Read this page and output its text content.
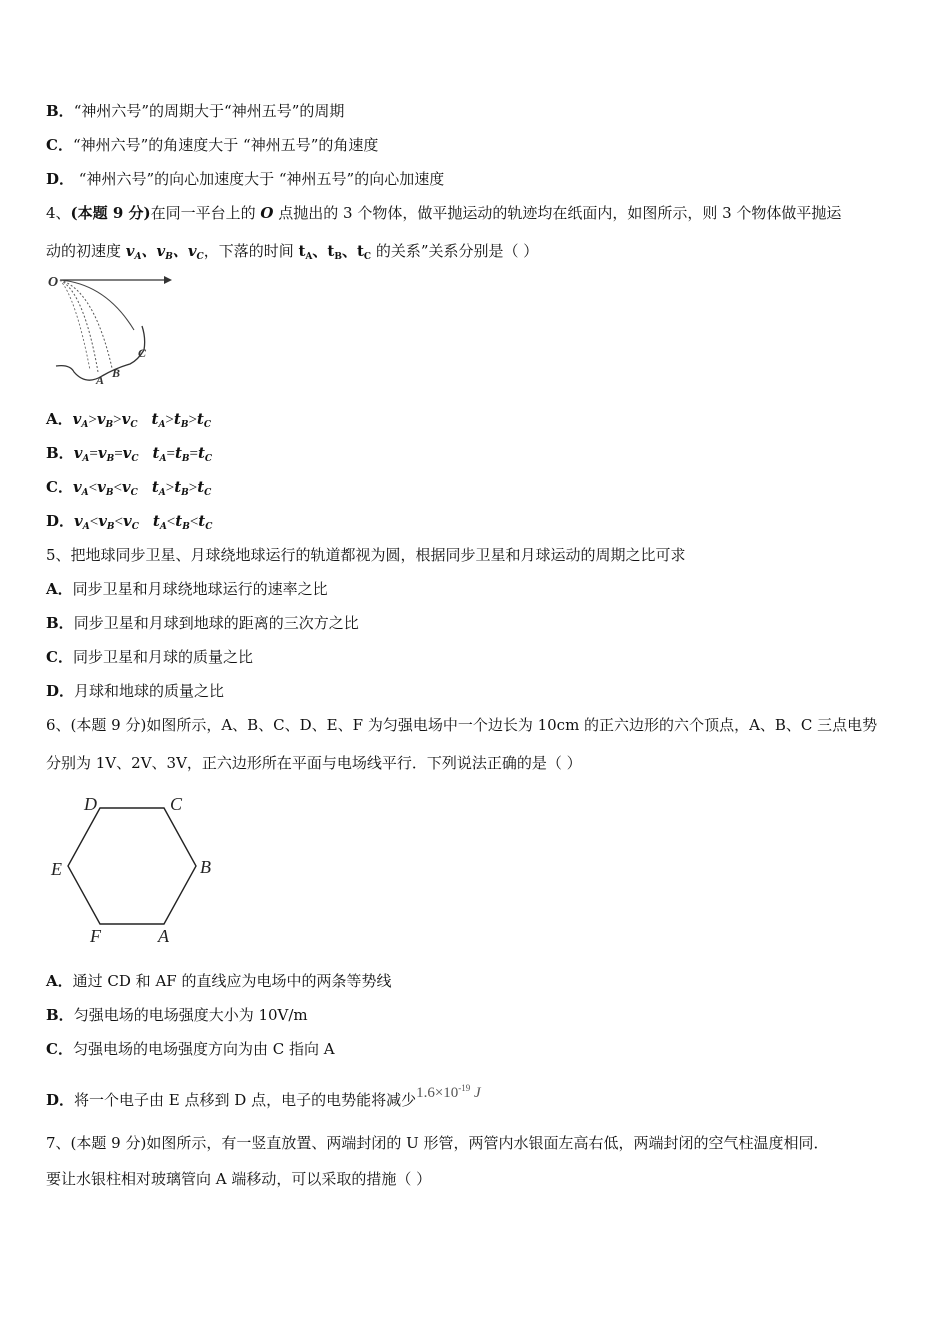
B．“神州六号”的周期大于“神州五号”的周期
C．“神州六号”的角速度大于 “神州五号”的角速度
D． “神州六号”的向心加速度大于 “神州五号”的向心加速度
4、(本题 9 分)在同一平台上的 O 点抛出的 3 个物体，做平抛运动的轨迹均在纸面内，如图所示，则 3 个物体做平抛运
动的初速度 $v_A$、$v_B$、$v_C$，下落的时间 $t_A$、$t_B$、$t_C$ 的关系”关系分别是（ ）
O
A B
C
A．$v_A>v_B>v_C$ $t_A>t_B>t_C$
B．$v_A=v_B=v_C$ $t_A=t_B=t_C$
C．$v_A<v_B<v_C$ $t_A>t_B>t_C$
D．$v_A<v_B<v_C$ $t_A<t_B<t_C$
5、把地球同步卫星、月球绕地球运行的轨道都视为圆，根据同步卫星和月球运动的周期之比可求
A．同步卫星和月球绕地球运行的速率之比
B．同步卫星和月球到地球的距离的三次方之比
C．同步卫星和月球的质量之比
D．月球和地球的质量之比
6、(本题 9 分)如图所示，A、B、C、D、E、F 为匀强电场中一个边长为 10cm 的正六边形的六个顶点，A、B、C 三点电势
分别为 1V、2V、3V，正六边形所在平面与电场线平行．下列说法正确的是（ ）
D	C
B
E
F	A
A．通过 CD 和 AF 的直线应为电场中的两条等势线
B．匀强电场的电场强度大小为 10V/m
C．匀强电场的电场强度方向为由 C 指向 A
D．将一个电子由 E 点移到 D 点，电子的电势能将减少$1.6\times 10^{-19}$ J
7、(本题 9 分)如图所示，有一竖直放置、两端封闭的 U 形管，两管内水银面左高右低，两端封闭的空气柱温度相同．
要让水银柱相对玻璃管向 A 端移动，可以采取的措施（ ）
